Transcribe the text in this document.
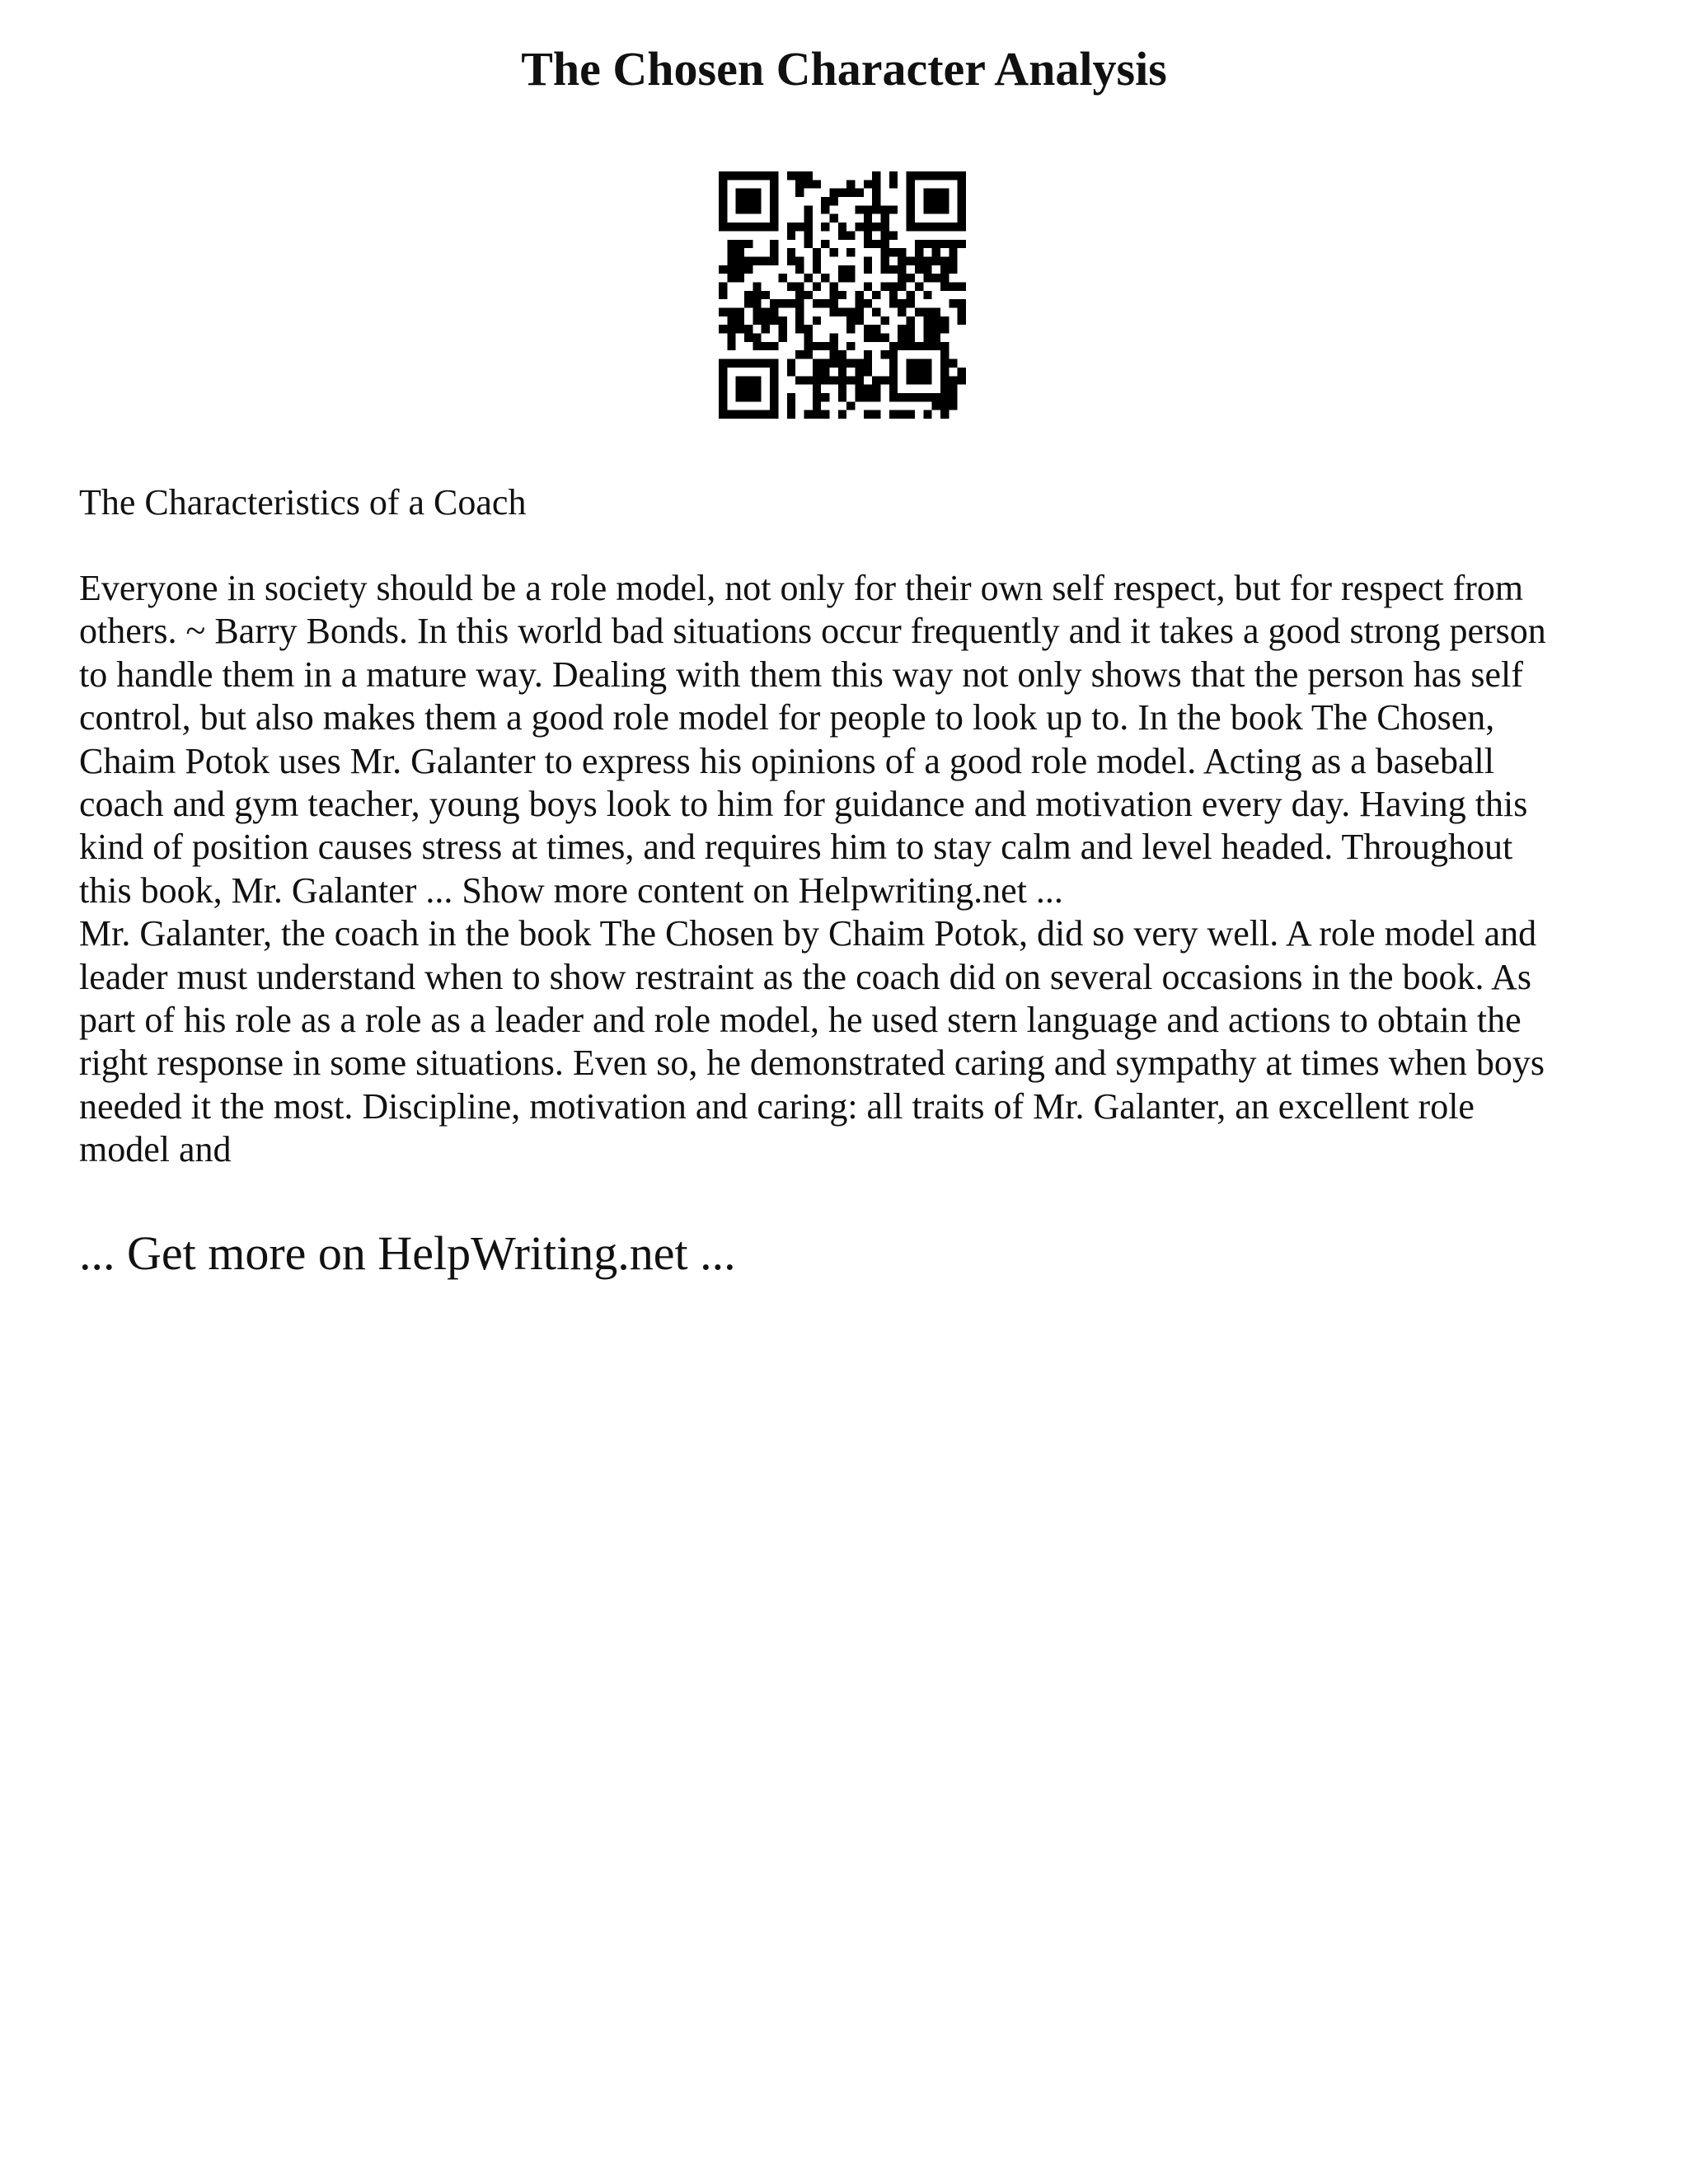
The Chosen Character Analysis

The Characteristics of a Coach

Everyone in society should be a role model, not only for their own self respect, but for respect from
others. ~ Barry Bonds. In this world bad situations occur frequently and it takes a good strong person
to handle them in a mature way. Dealing with them this way not only shows that the person has self
control, but also makes them a good role model for people to look up to. In the book The Chosen,
Chaim Potok uses Mr. Galanter to express his opinions of a good role model. Acting as a baseball
coach and gym teacher, young boys look to him for guidance and motivation every day. Having this
kind of position causes stress at times, and requires him to stay calm and level headed. Throughout
this book, Mr. Galanter ... Show more content on Helpwriting.net ...

Mr. Galanter, the coach in the book The Chosen by Chaim Potok, did so very well. A role model and
leader must understand when to show restraint as the coach did on several occasions in the book. As
part of his role as a role as a leader and role model, he used stern language and actions to obtain the
right response in some situations. Even so, he demonstrated caring and sympathy at times when boys
needed it the most. Discipline, motivation and caring: all traits of Mr. Galanter, an excellent role
model and

... Get more on HelpWriting.net ...
